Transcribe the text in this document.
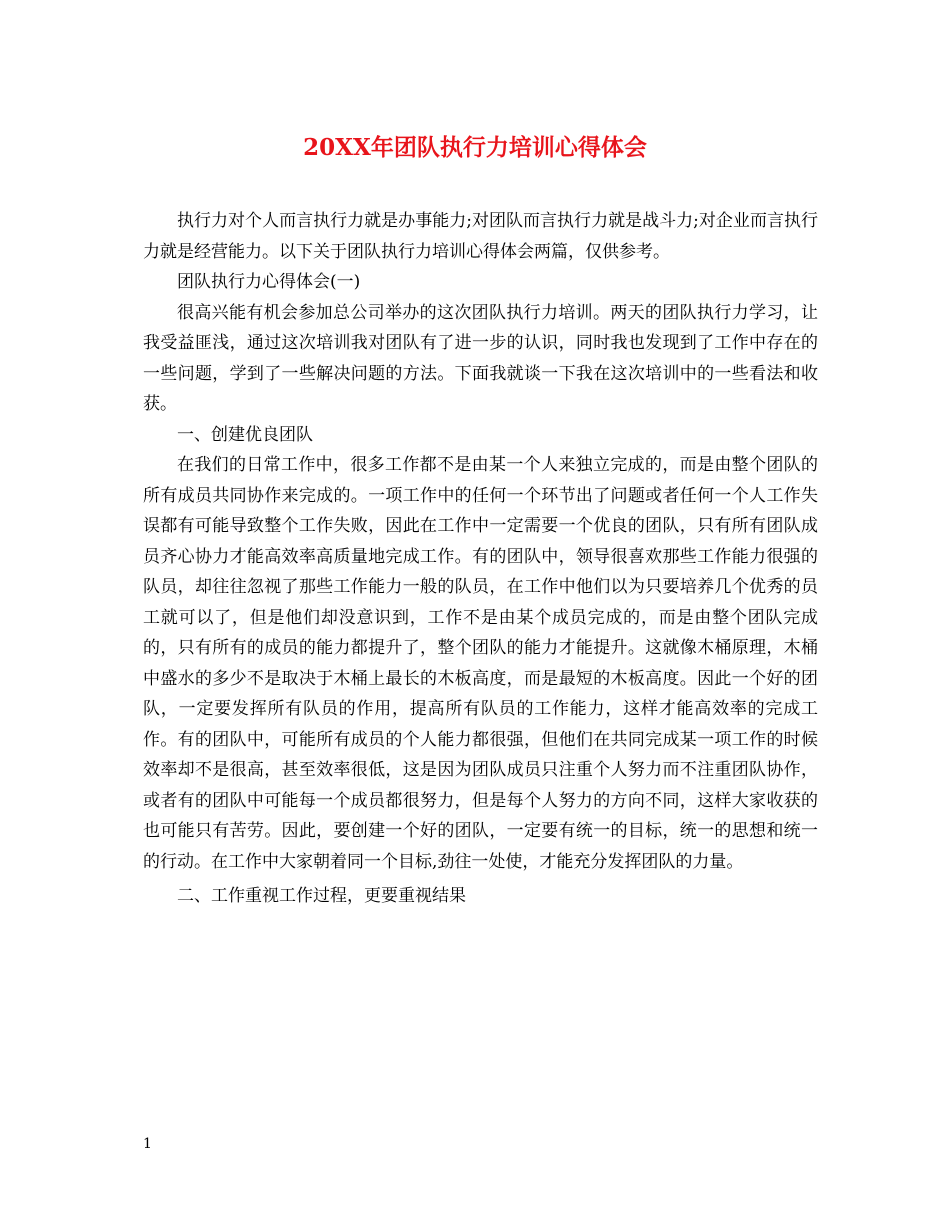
20XX年团队执行力培训心得体会

执行力对个人而言执行力就是办事能力;对团队而言执行力就是战斗力;对企业而言执行力就是经营能力。以下关于团队执行力培训心得体会两篇，仅供参考。

团队执行力心得体会(一)

很高兴能有机会参加总公司举办的这次团队执行力培训。两天的团队执行力学习，让我受益匪浅，通过这次培训我对团队有了进一步的认识，同时我也发现到了工作中存在的一些问题，学到了一些解决问题的方法。下面我就谈一下我在这次培训中的一些看法和收获。

一、创建优良团队

在我们的日常工作中，很多工作都不是由某一个人来独立完成的，而是由整个团队的所有成员共同协作来完成的。一项工作中的任何一个环节出了问题或者任何一个人工作失误都有可能导致整个工作失败，因此在工作中一定需要一个优良的团队，只有所有团队成员齐心协力才能高效率高质量地完成工作。有的团队中，领导很喜欢那些工作能力很强的队员，却往往忽视了那些工作能力一般的队员，在工作中他们以为只要培养几个优秀的员工就可以了，但是他们却没意识到，工作不是由某个成员完成的，而是由整个团队完成的，只有所有的成员的能力都提升了，整个团队的能力才能提升。这就像木桶原理，木桶中盛水的多少不是取决于木桶上最长的木板高度，而是最短的木板高度。因此一个好的团队，一定要发挥所有队员的作用，提高所有队员的工作能力，这样才能高效率的完成工作。有的团队中，可能所有成员的个人能力都很强，但他们在共同完成某一项工作的时候效率却不是很高，甚至效率很低，这是因为团队成员只注重个人努力而不注重团队协作，或者有的团队中可能每一个成员都很努力，但是每个人努力的方向不同，这样大家收获的也可能只有苦劳。因此，要创建一个好的团队，一定要有统一的目标，统一的思想和统一的行动。在工作中大家朝着同一个目标,劲往一处使，才能充分发挥团队的力量。

二、工作重视工作过程，更要重视结果

1
